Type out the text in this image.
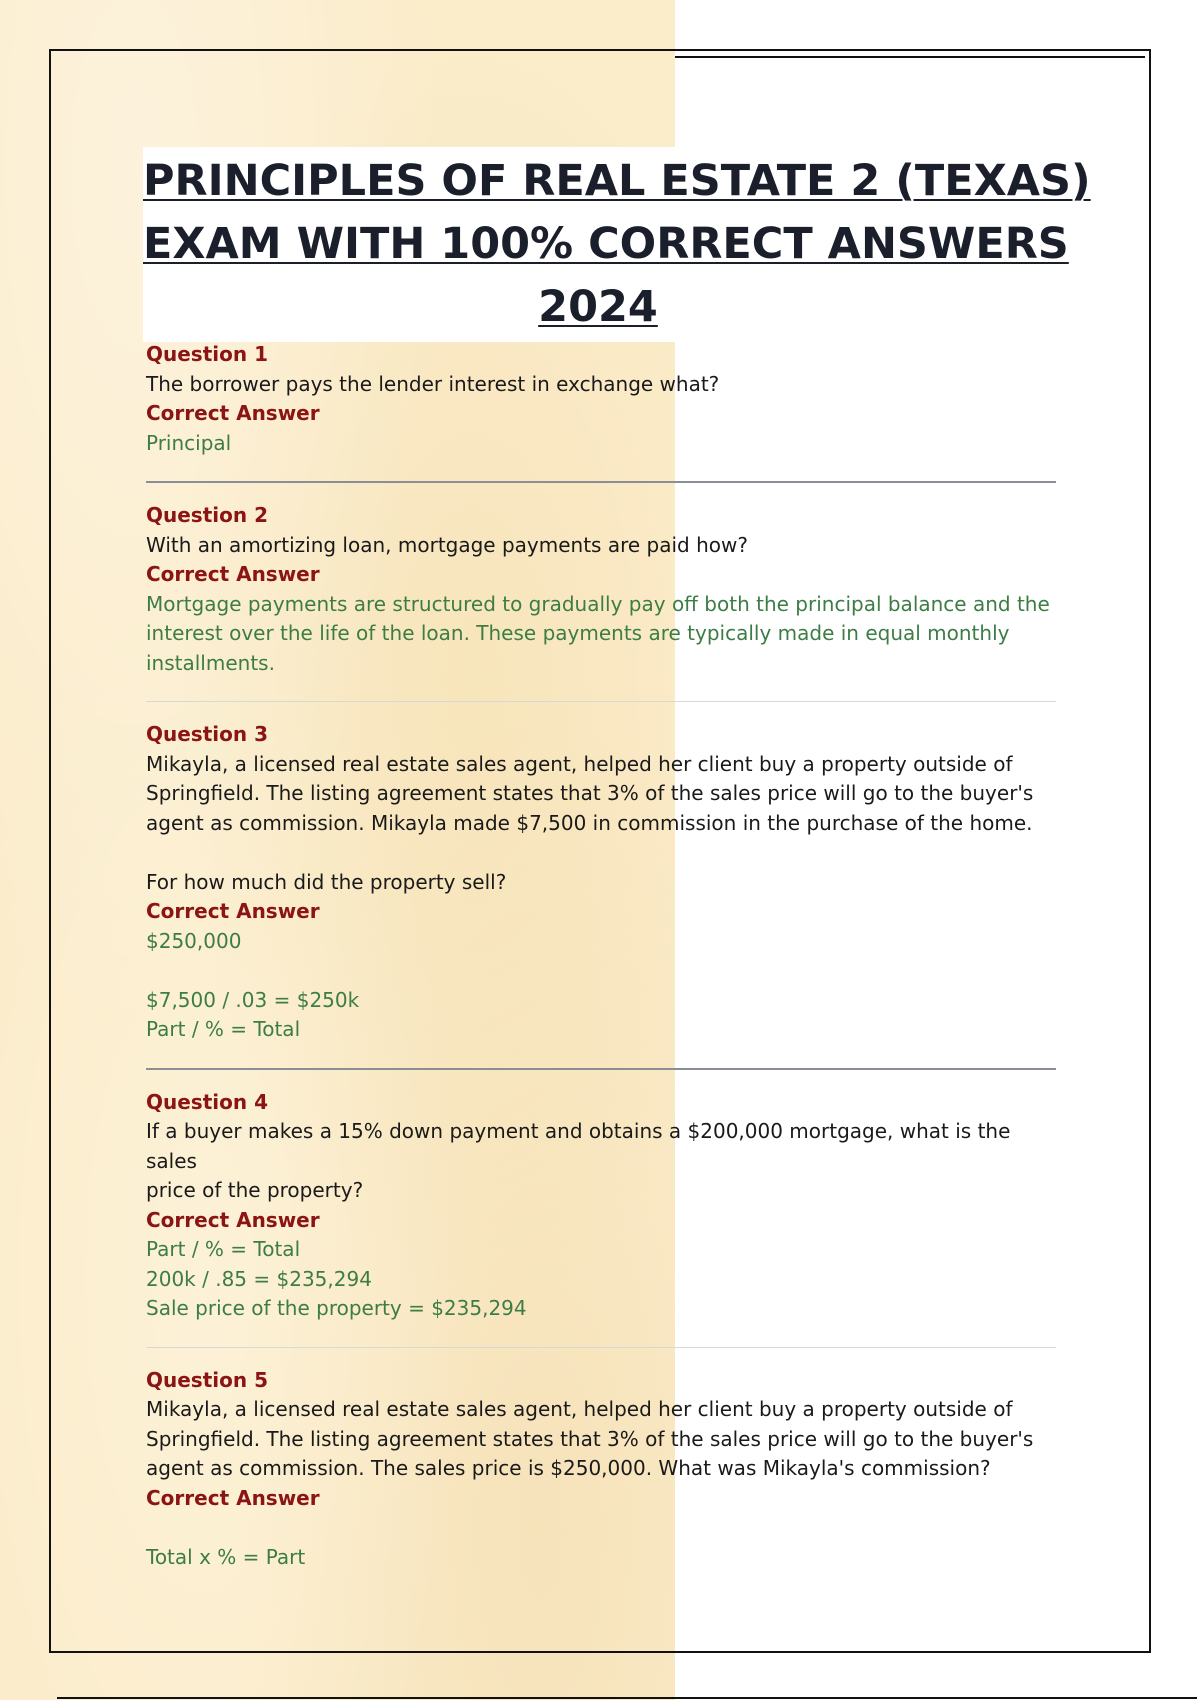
PRINCIPLES OF REAL ESTATE 2 (TEXAS)
EXAM WITH 100% CORRECT ANSWERS
2024
Question 1
The borrower pays the lender interest in exchange what?
Correct Answer
Principal
Question 2
With an amortizing loan, mortgage payments are paid how?
Correct Answer
Mortgage payments are structured to gradually pay off both the principal balance and the
interest over the life of the loan. These payments are typically made in equal monthly
installments.
Question 3
Mikayla, a licensed real estate sales agent, helped her client buy a property outside of
Springfield. The listing agreement states that 3% of the sales price will go to the buyer's
agent as commission. Mikayla made $7,500 in commission in the purchase of the home.

For how much did the property sell?
Correct Answer
$250,000

$7,500 / .03 = $250k
Part / % = Total
Question 4
If a buyer makes a 15% down payment and obtains a $200,000 mortgage, what is the sales
price of the property?
Correct Answer
Part / % = Total
200k / .85 = $235,294
Sale price of the property = $235,294
Question 5
Mikayla, a licensed real estate sales agent, helped her client buy a property outside of
Springfield. The listing agreement states that 3% of the sales price will go to the buyer's
agent as commission. The sales price is $250,000. What was Mikayla's commission?
Correct Answer

Total x % = Part
